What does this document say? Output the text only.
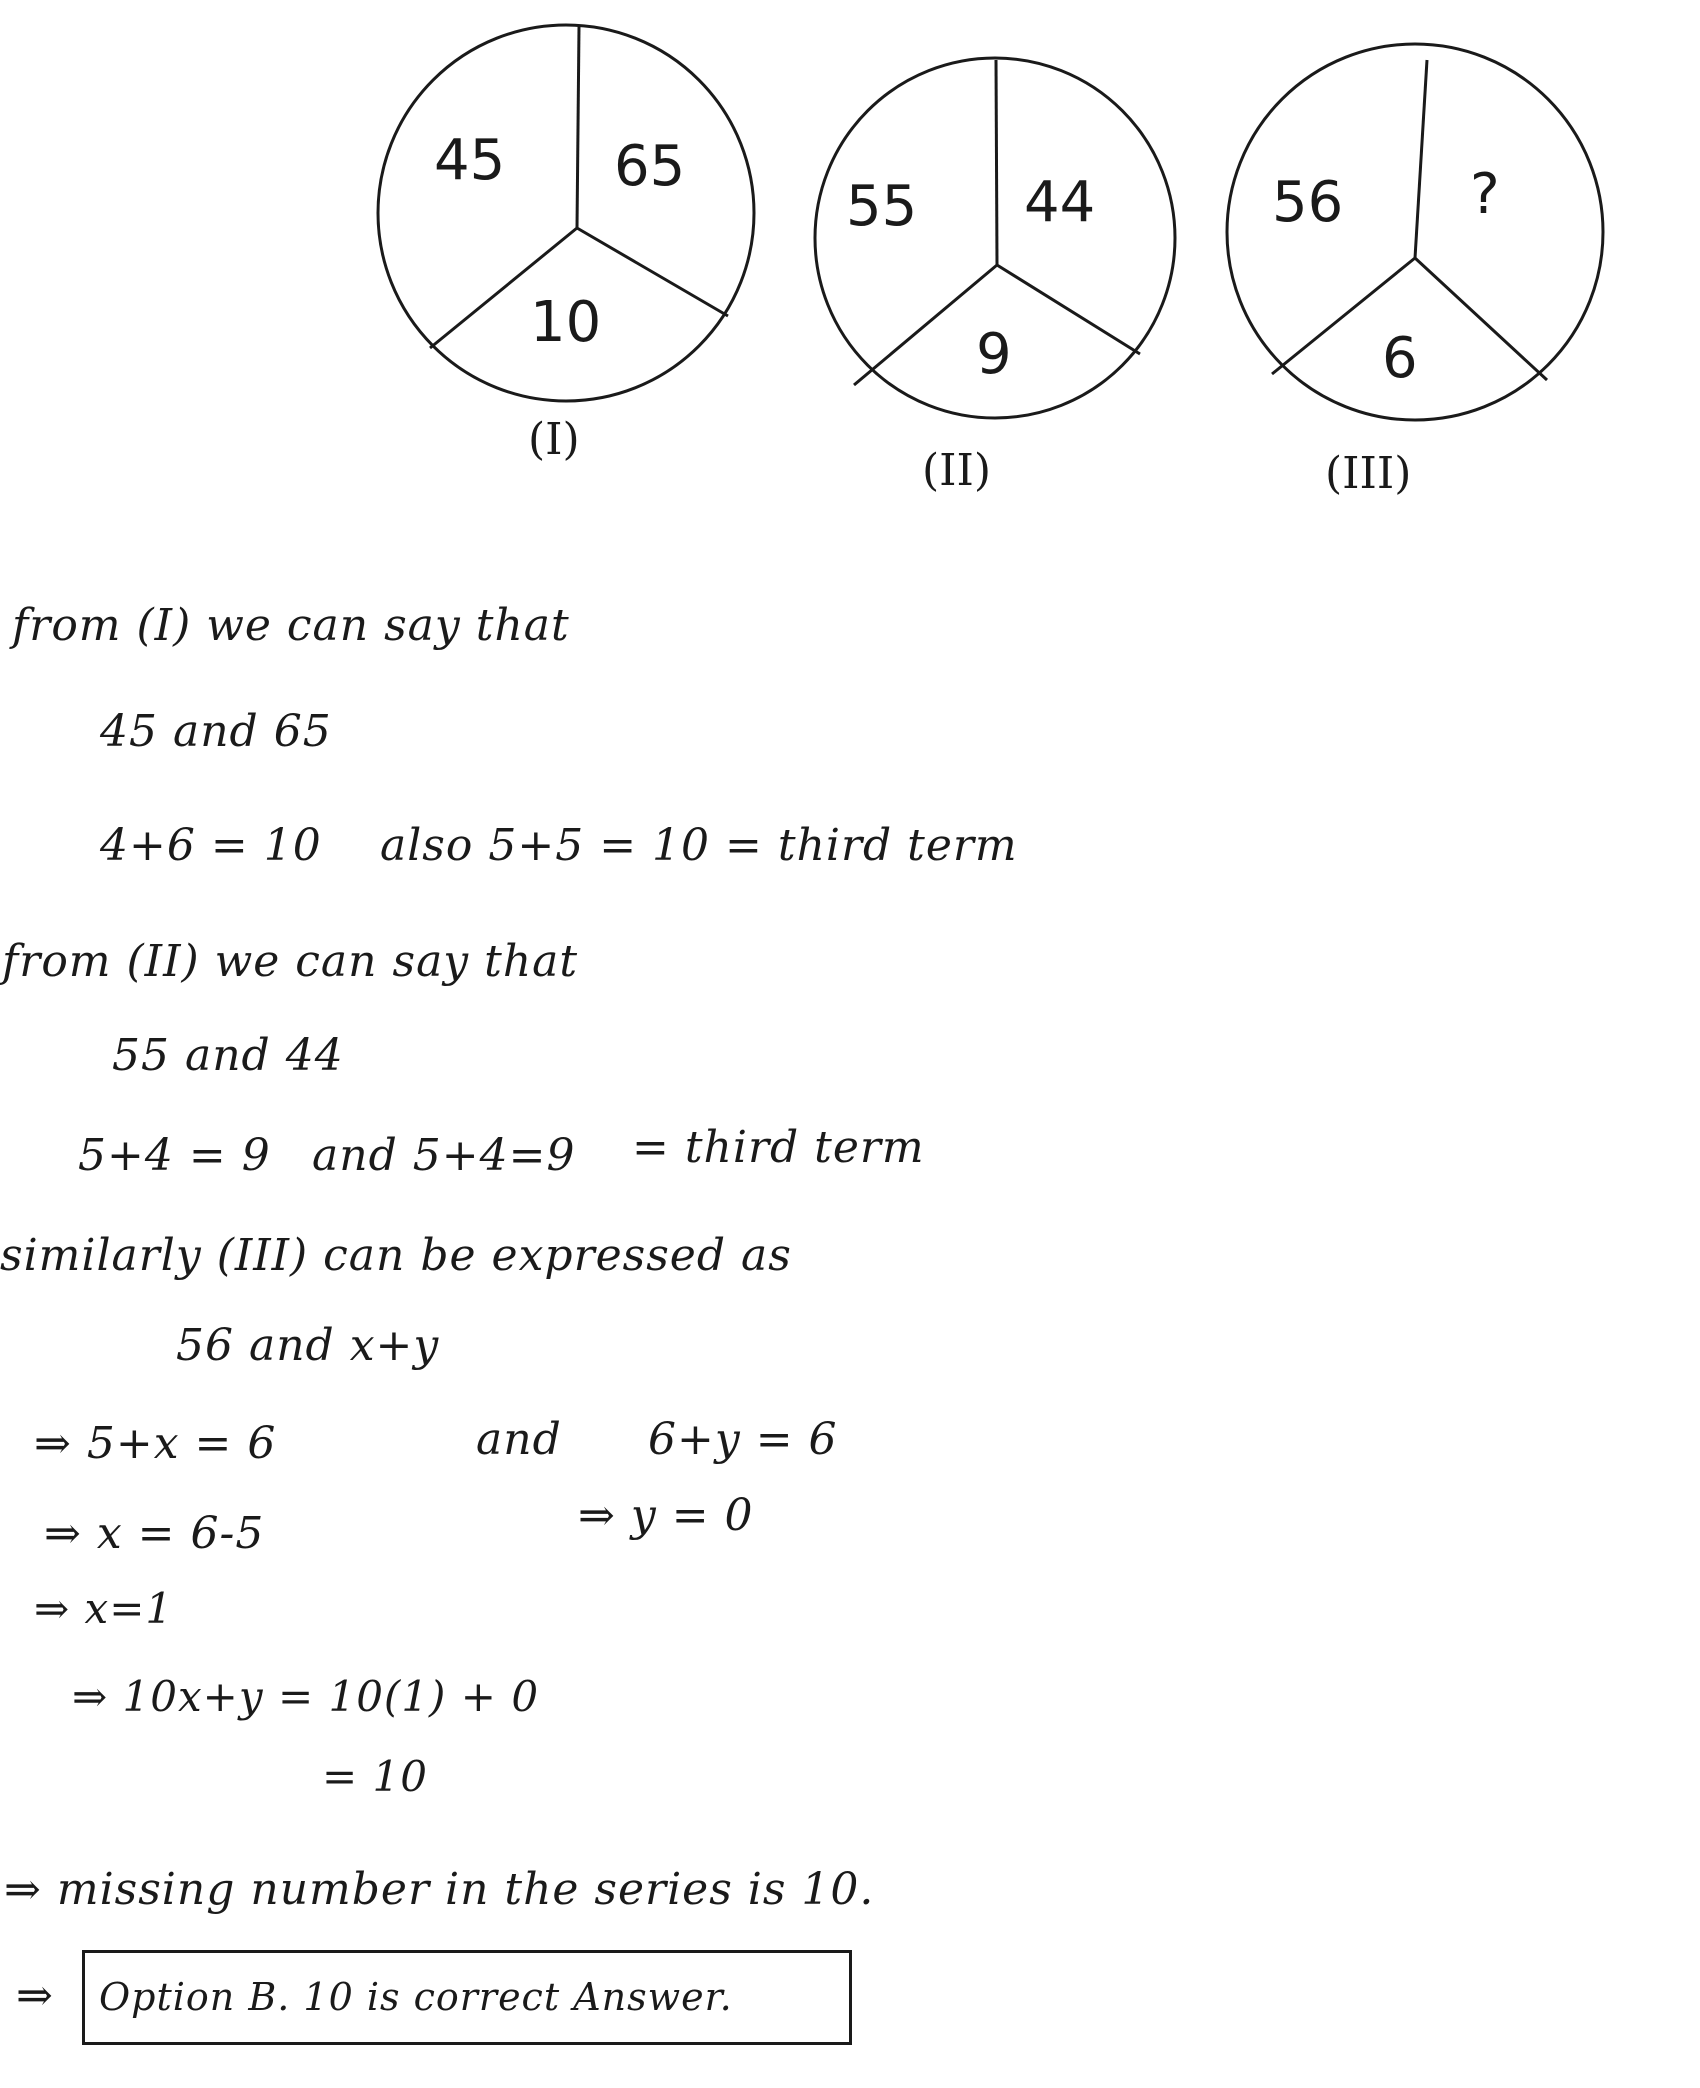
45 65
10
(I)
55 44
9
(II)
56 ?
6
(III)
from (I) we can say that
45 and 65
4+6 = 10 also 5+5 = 10 = third term
from (II) we can say that
55 and 44
5+4 = 9 and 5+4=9 = third term
similarly (III) can be expressed as
56 and x+y
⇒ 5+x = 6	and 6+y = 6
⇒ x = 6-5	⇒ y = 0
⇒ x=1
⇒ 10x+y = 10(1) + 0
= 10
⇒ missing number in the series is 10.
⇒ Option B. 10 is correct Answer.
